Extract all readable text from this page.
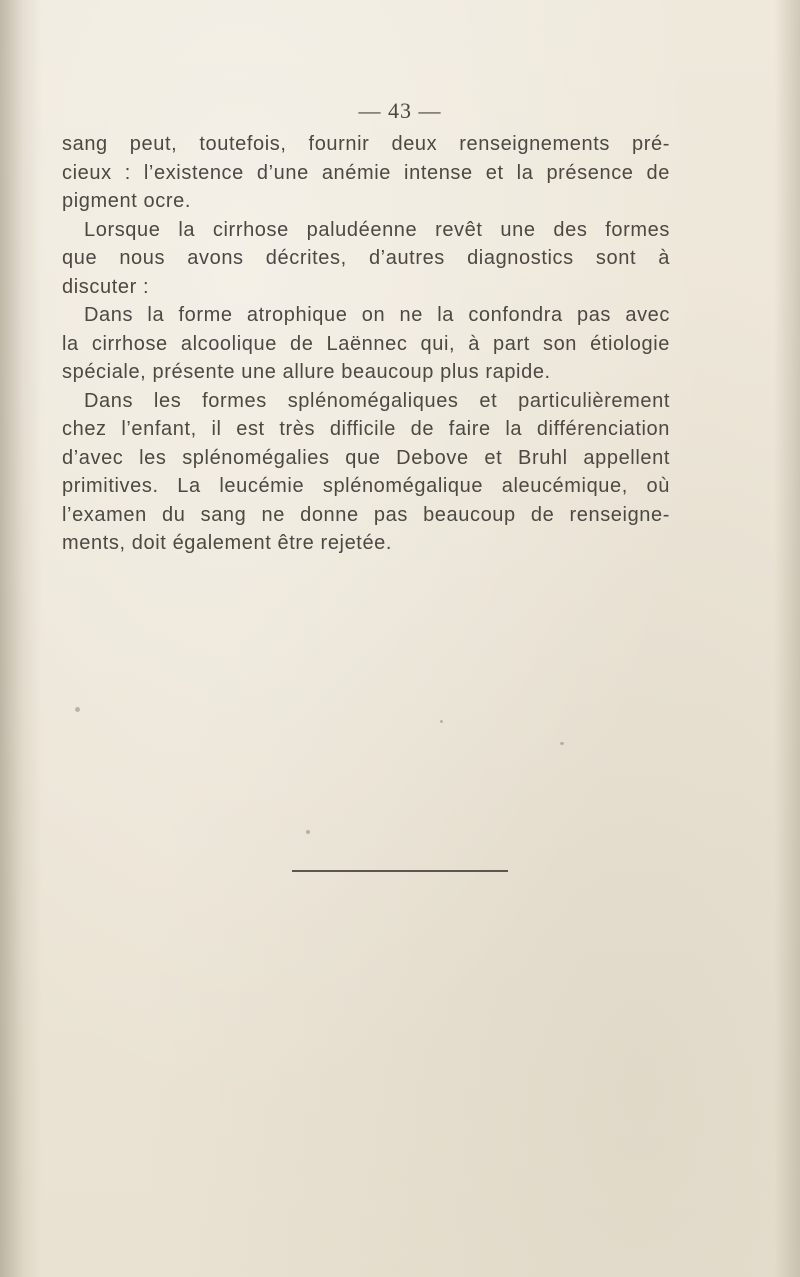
— 43 —
sang peut, toutefois, fournir deux renseignements pré-
cieux : l’existence d’une anémie intense et la présence de
pigment ocre.
Lorsque la cirrhose paludéenne revêt une des formes
que nous avons décrites, d’autres diagnostics sont à
discuter :
Dans la forme atrophique on ne la confondra pas avec
la cirrhose alcoolique de Laënnec qui, à part son étiologie
spéciale, présente une allure beaucoup plus rapide.
Dans les formes splénomégaliques et particulièrement
chez l’enfant, il est très difficile de faire la différenciation
d’avec les splénomégalies que Debove et Bruhl appellent
primitives. La leucémie splénomégalique aleucémique, où
l’examen du sang ne donne pas beaucoup de renseigne-
ments, doit également être rejetée.
